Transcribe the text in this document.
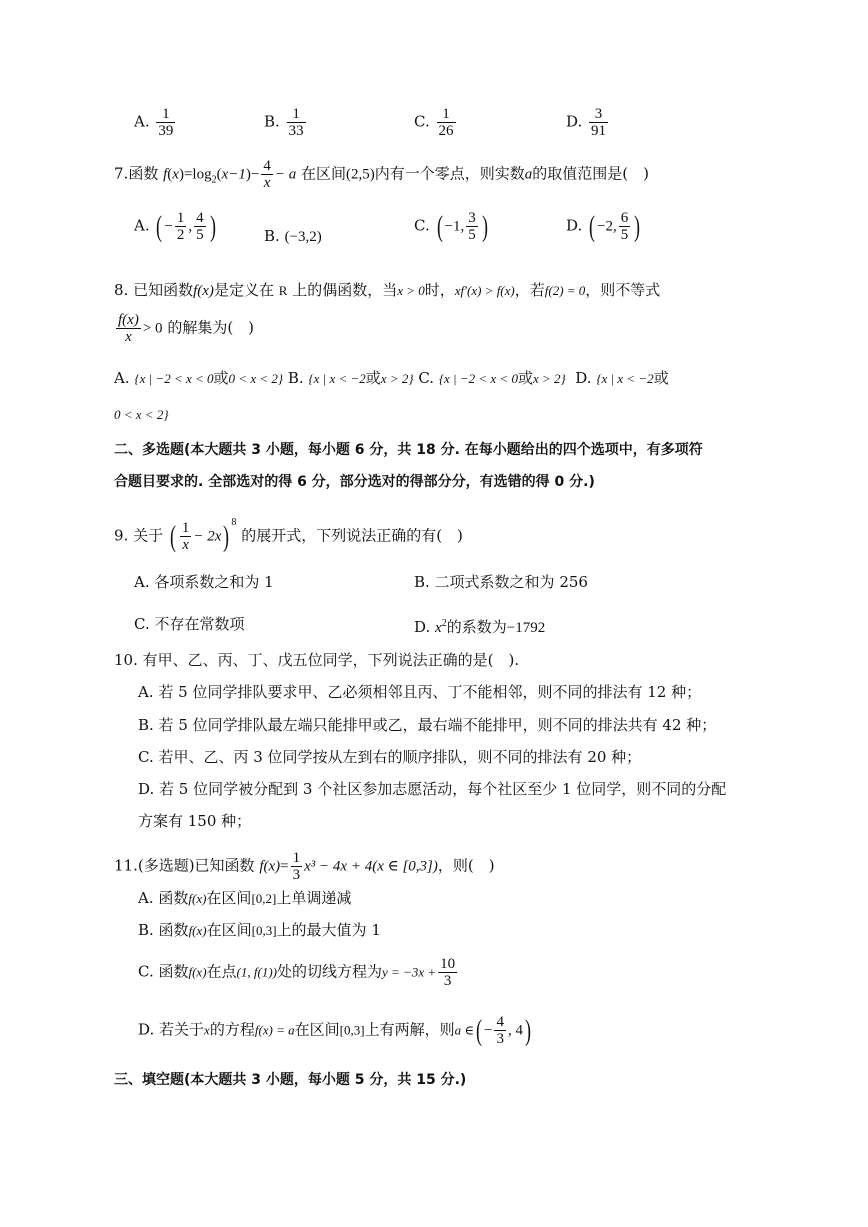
A. $\frac{1}{39}$	B. $\frac{1}{33}$	C. $\frac{1}{26}$	D. $\frac{3}{91}$
7.函数 $f(x)=\log_2(x-1)- \frac{4}{x} - a$ 在区间(2,5)内有一个零点，则实数a的取值范围是(　)
A. ( − $\frac{1}{2}$ , $\frac{4}{5}$ )	B. (−3,2)
C. ( −1, $\frac{3}{5}$ )	D. ( −2, $\frac{6}{5}$ )
8. 已知函数f(x)是定义在 R 上的偶函数，当x > 0时，xf′(x) > f(x)，若f(2) = 0，则不等式
$\frac{f(x)}{x} > 0$ 的解集为(　)
A. {x | −2 < x < 0或0 < x < 2} B. {x | x < −2或x > 2} C. {x | −2 < x < 0或x > 2} D. {x | x < −2或
0 < x < 2}
二、多选题(本大题共 3 小题，每小题 6 分，共 18 分. 在每小题给出的四个选项中，有多项符
合题目要求的. 全部选对的得 6 分，部分选对的得部分分，有选错的得 0 分.)
9. 关于 ( $\frac{1}{x} - 2x$) $^8$ 的展开式，下列说法正确的有(　)
A. 各项系数之和为 1	B. 二项式系数之和为 256
C. 不存在常数项	D. $x^2$的系数为−1792
10. 有甲、乙、丙、丁、戊五位同学，下列说法正确的是(　).
A. 若 5 位同学排队要求甲、乙必须相邻且丙、丁不能相邻，则不同的排法有 12 种；
B. 若 5 位同学排队最左端只能排甲或乙，最右端不能排甲，则不同的排法共有 42 种；
C. 若甲、乙、丙 3 位同学按从左到右的顺序排队，则不同的排法有 20 种；
D. 若 5 位同学被分配到 3 个社区参加志愿活动，每个社区至少 1 位同学，则不同的分配
方案有 150 种；
11.(多选题)已知函数 $f(x)= \frac{1}{3} x^3 - 4x + 4(x$ ∈ [0,3])，则(　)
A. 函数f(x)在区间[0,2]上单调递减
B. 函数f(x)在区间[0,3]上的最大值为 1
C. 函数f(x)在点(1, f(1))处的切线方程为$y = -3x + \frac{10}{3}$
D. 若关于x的方程f(x) = a在区间[0,3]上有两解，则a ∈( − $\frac{4}{3}$ , 4)
三、填空题(本大题共 3 小题，每小题 5 分，共 15 分.)
